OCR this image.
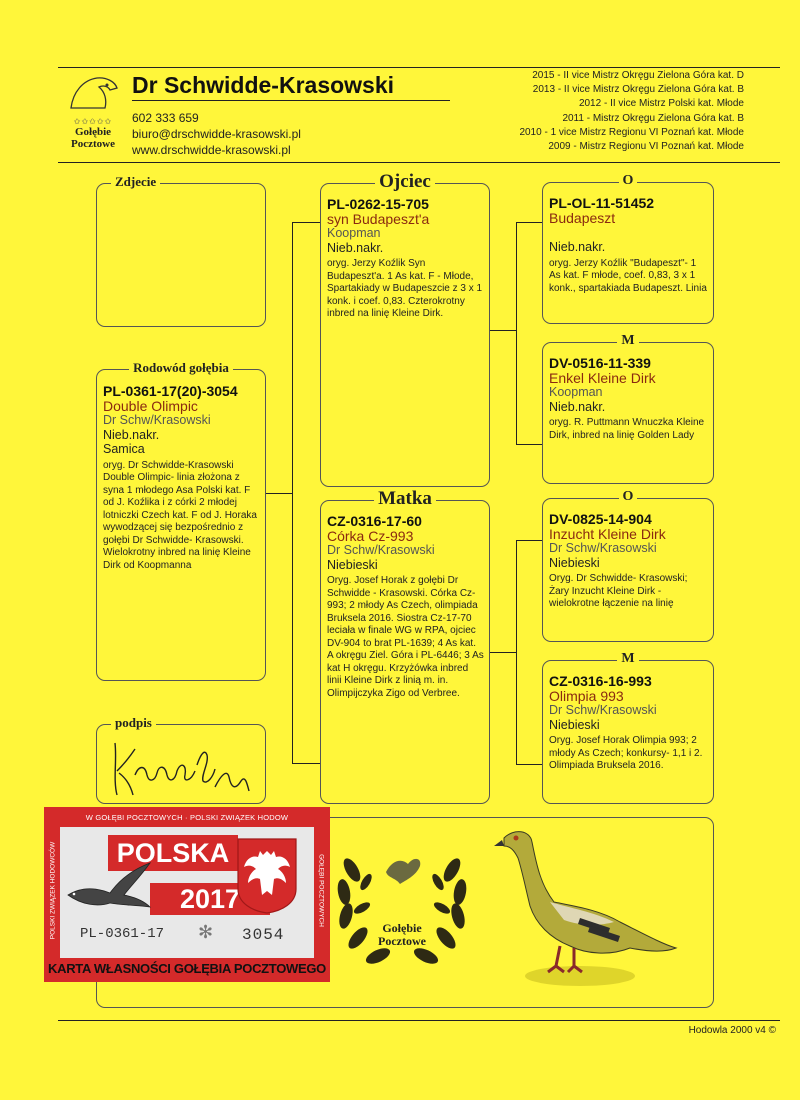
✩✩✩✩✩
Gołębie
Pocztowe
Dr Schwidde-Krasowski
602 333 659
biuro@drschwidde-krasowski.pl
www.drschwidde-krasowski.pl
2015 - II vice Mistrz Okręgu Zielona Góra kat. D
2013 - II vice Mistrz Okręgu Zielona Góra kat. B
2012 - II vice Mistrz Polski kat. Młode
2011 - Mistrz Okręgu Zielona Góra kat. B
2010 - 1 vice Mistrz Regionu VI Poznań kat. Młode
2009 - Mistrz Regionu VI Poznań kat. Młode
Zdjecie
Rodowód gołębia
PL-0361-17(20)-3054
Double Olimpic
Dr Schw/Krasowski
Nieb.nakr.
Samica
oryg. Dr Schwidde-Krasowski Double Olimpic- linia złożona z syna 1 młodego Asa Polski kat. F od J. Koźlika i z córki 2 młodej lotniczki Czech kat. F od J. Horaka wywodzącej się bezpośrednio z gołębi Dr Schwidde- Krasowski. Wielokrotny inbred na linię Kleine Dirk od Koopmanna
podpis
Ojciec
PL-0262-15-705
syn Budapeszt'a
Koopman
Nieb.nakr.
oryg. Jerzy Koźlik Syn Budapeszt'a. 1 As kat. F - Młode, Spartakiady w Budapeszcie z 3 x 1 konk. i coef. 0,83. Czterokrotny inbred na linię Kleine Dirk.
Matka
CZ-0316-17-60
Córka Cz-993
Dr Schw/Krasowski
Niebieski
Oryg. Josef Horak z gołębi Dr Schwidde - Krasowski. Córka Cz-993; 2 młody As Czech, olimpiada Bruksela 2016. Siostra Cz-17-70 leciała w finale WG w RPA, ojciec DV-904 to brat PL-1639; 4 As kat. A okręgu Ziel. Góra i PL-6446; 3 As kat H okręgu. Krzyżówka inbred linii Kleine Dirk z linią m. in. Olimpijczyka Zigo od Verbree.
O
PL-OL-11-51452
Budapeszt
Nieb.nakr.
oryg. Jerzy Koźlik "Budapeszt"- 1 As kat. F młode, coef. 0,83, 3 x 1 konk., spartakiada Budapeszt. Linia
M
DV-0516-11-339
Enkel Kleine Dirk
Koopman
Nieb.nakr.
oryg. R. Puttmann Wnuczka Kleine Dirk, inbred na linię Golden Lady
O
DV-0825-14-904
Inzucht Kleine Dirk
Dr Schw/Krasowski
Niebieski
Oryg. Dr Schwidde- Krasowski; Żary Inzucht Kleine Dirk - wielokrotne łączenie na linię
M
CZ-0316-16-993
Olimpia 993
Dr Schw/Krasowski
Niebieski
Oryg. Josef Horak Olimpia 993; 2 młody As Czech; konkursy- 1,1 i 2. Olimpiada Bruksela 2016.
Gołębie
Pocztowe
W GOŁĘBI POCZTOWYCH · POLSKI ZWIĄZEK HODOW
POLSKI ZWIĄZEK HODOWCÓW	GOŁĘBI POCZTOWYCH
POLSKA
2017
PL-0361-17 ✻ 3054
KARTA WŁASNOŚCI GOŁĘBIA POCZTOWEGO
Hodowla 2000 v4 ©
